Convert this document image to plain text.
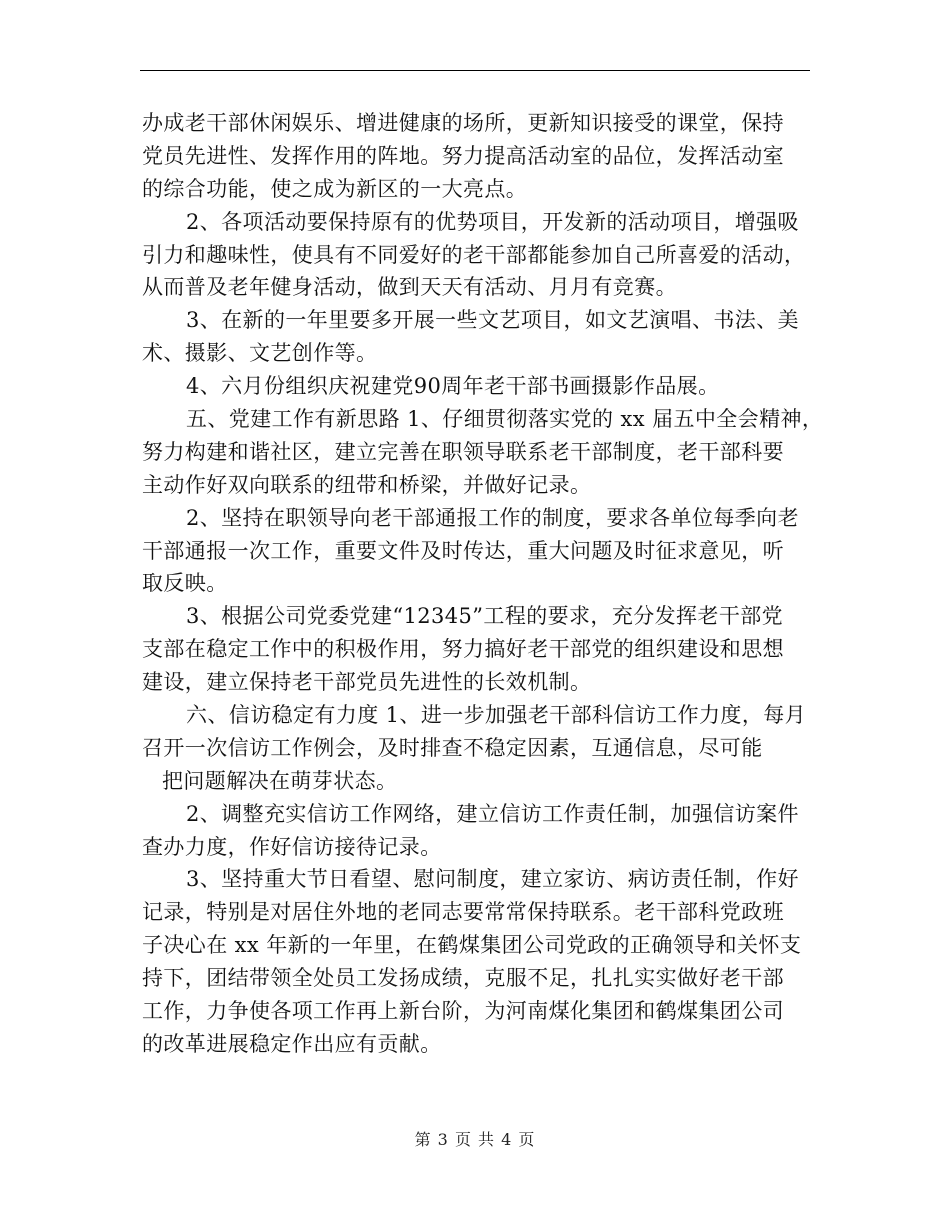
办成老干部休闲娱乐、增进健康的场所，更新知识接受的课堂，保持
党员先进性、发挥作用的阵地。努力提高活动室的品位，发挥活动室
的综合功能，使之成为新区的一大亮点。
2、各项活动要保持原有的优势项目，开发新的活动项目，增强吸
引力和趣味性，使具有不同爱好的老干部都能参加自己所喜爱的活动，
从而普及老年健身活动，做到天天有活动、月月有竞赛。
3、在新的一年里要多开展一些文艺项目，如文艺演唱、书法、美
术、摄影、文艺创作等。
4、六月份组织庆祝建党90周年老干部书画摄影作品展。
五、党建工作有新思路 1、仔细贯彻落实党的 xx 届五中全会精神，
努力构建和谐社区，建立完善在职领导联系老干部制度，老干部科要
主动作好双向联系的纽带和桥梁，并做好记录。
2、坚持在职领导向老干部通报工作的制度，要求各单位每季向老
干部通报一次工作，重要文件及时传达，重大问题及时征求意见，听
取反映。
3、根据公司党委党建“12345”工程的要求，充分发挥老干部党
支部在稳定工作中的积极作用，努力搞好老干部党的组织建设和思想
建设，建立保持老干部党员先进性的长效机制。
六、信访稳定有力度 1、进一步加强老干部科信访工作力度，每月
召开一次信访工作例会，及时排查不稳定因素，互通信息，尽可能
把问题解决在萌芽状态。
2、调整充实信访工作网络，建立信访工作责任制，加强信访案件
查办力度，作好信访接待记录。
3、坚持重大节日看望、慰问制度，建立家访、病访责任制，作好
记录，特别是对居住外地的老同志要常常保持联系。老干部科党政班
子决心在 xx 年新的一年里，在鹤煤集团公司党政的正确领导和关怀支
持下，团结带领全处员工发扬成绩，克服不足，扎扎实实做好老干部
工作，力争使各项工作再上新台阶，为河南煤化集团和鹤煤集团公司
的改革进展稳定作出应有贡献。
第 3 页 共 4 页
